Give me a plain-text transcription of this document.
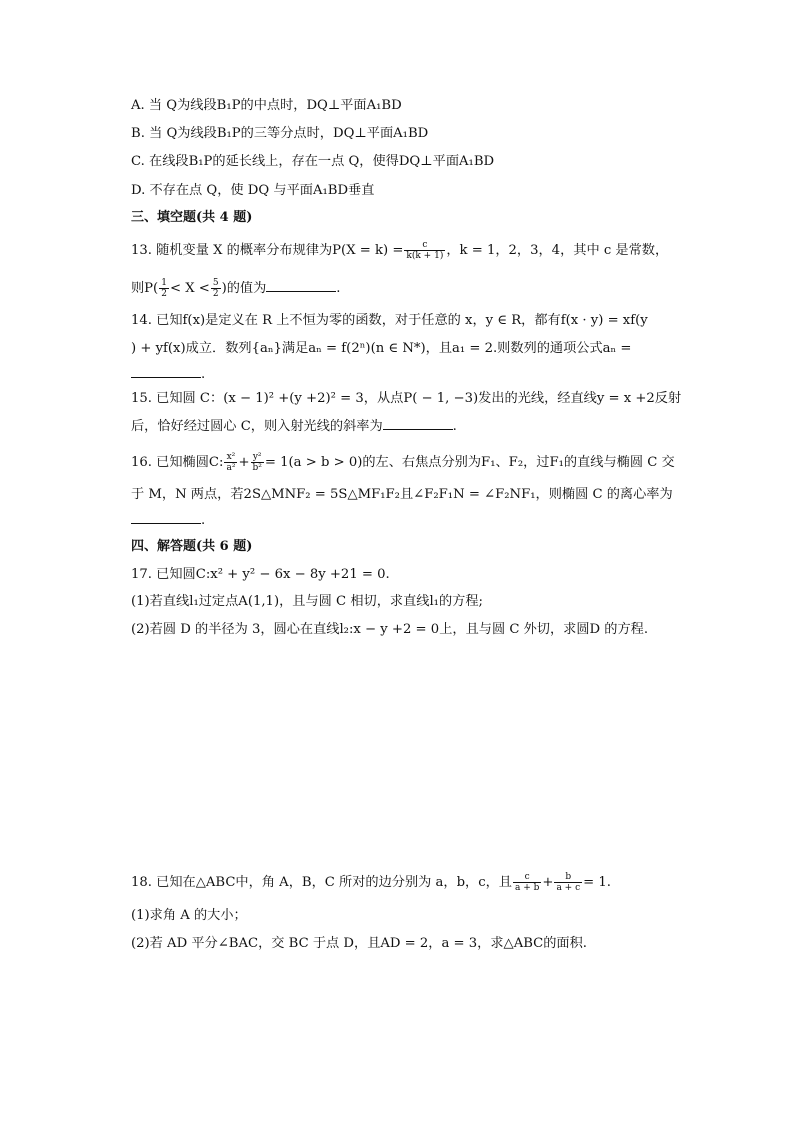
A. 当 Q为线段B₁P的中点时，DQ⊥平面A₁BD
B. 当 Q为线段B₁P的三等分点时，DQ⊥平面A₁BD
C. 在线段B₁P的延长线上，存在一点 Q，使得DQ⊥平面A₁BD
D. 不存在点 Q，使 DQ 与平面A₁BD垂直
三、填空题(共 4 题)
13. 随机变量 X 的概率分布规律为$P(X = k) = \frac{c}{k(k + 1)}$ ，k = 1，2，3，4，其中 c 是常数，
则$P( \frac{1}{2} < X < \frac{5}{2}$ )的值为	.
14. 已知f(x)是定义在 R 上不恒为零的函数，对于任意的 x，y ∈ R，都有f(x · y) = xf(y
) + yf(x)成立．数列{aₙ}满足aₙ = f(2ⁿ)(n ∈ N*)，且a₁ = 2.则数列的通项公式aₙ =
.
15. 已知圆 C：(x − 1)² +(y +2)² = 3，从点P( − 1, −3)发出的光线，经直线y = x +2反射
后，恰好经过圆心 C，则入射光线的斜率为	.
16. 已知椭圆C: $\frac{\text{x²}}{\text{a²}} + \frac{\text{y²}}{\text{b²}} = 1(a > b > 0)$的左、右焦点分别为F₁、F₂，过F₁的直线与椭圆 C 交
于 M，N 两点，若2S△MNF₂ = 5S△MF₁F₂且∠F₂F₁N = ∠F₂NF₁，则椭圆 C 的离心率为
.
四、解答题(共 6 题)
17. 已知圆C:x² + y² − 6x − 8y +21 = 0.
(1)若直线l₁过定点A(1,1)，且与圆 C 相切，求直线l₁的方程;
(2)若圆 D 的半径为 3，圆心在直线l₂:x − y +2 = 0上，且与圆 C 外切，求圆D 的方程.
18. 已知在△ABC中，角 A，B，C 所对的边分别为 a，b，c，且 $\frac{c}{a + b} + \frac{b}{a + c} = 1$.
(1)求角 A 的大小；
(2)若 AD 平分∠BAC，交 BC 于点 D，且AD = 2，a = 3，求△ABC的面积.
